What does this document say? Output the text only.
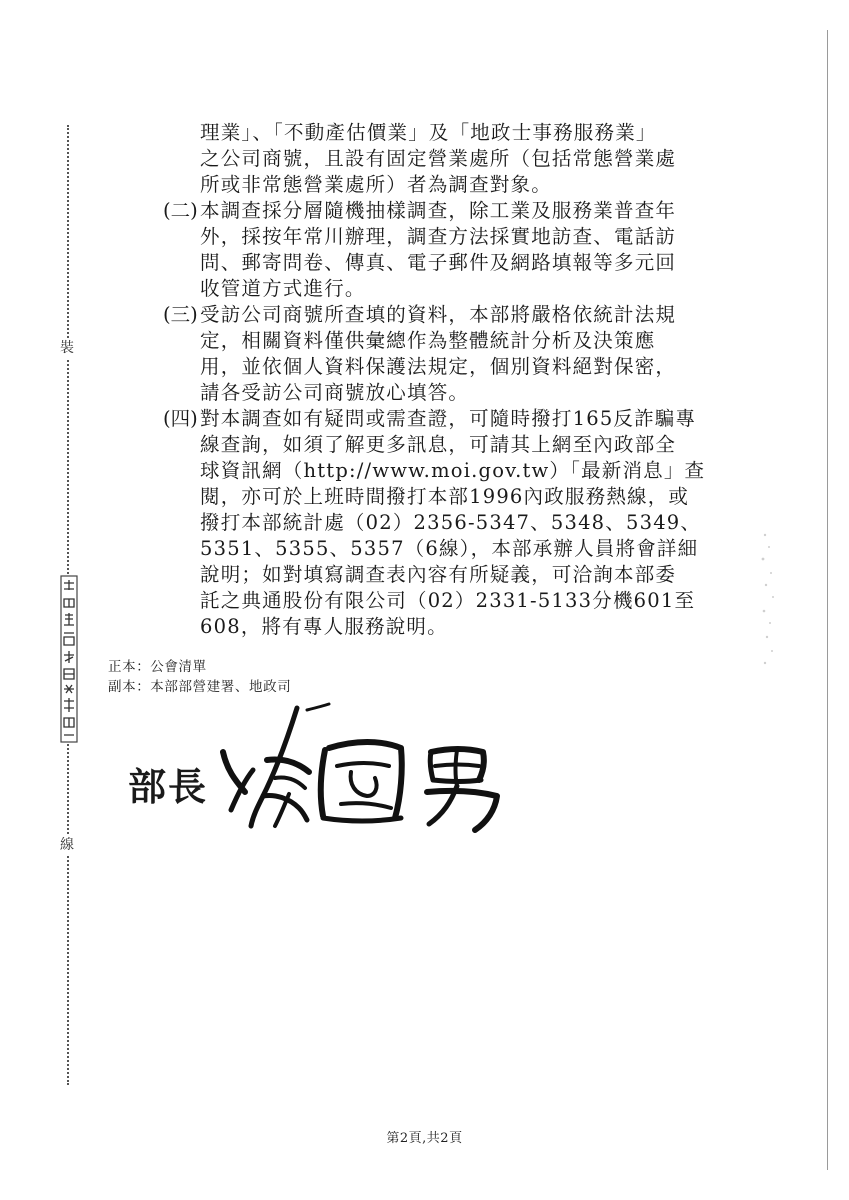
裝
線
理業」、「不動產估價業」及「地政士事務服務業」
之公司商號，且設有固定營業處所（包括常態營業處
所或非常態營業處所）者為調查對象。
(二) 本調查採分層隨機抽樣調查，除工業及服務業普查年
外，採按年常川辦理，調查方法採實地訪查、電話訪
問、郵寄問卷、傳真、電子郵件及網路填報等多元回
收管道方式進行。
(三) 受訪公司商號所查填的資料，本部將嚴格依統計法規
定，相關資料僅供彙總作為整體統計分析及決策應
用，並依個人資料保護法規定，個別資料絕對保密，
請各受訪公司商號放心填答。
(四) 對本調查如有疑問或需查證，可隨時撥打165反詐騙專
線查詢，如須了解更多訊息，可請其上網至內政部全
球資訊網（http://www.moi.gov.tw）「最新消息」查
閱，亦可於上班時間撥打本部1996內政服務熱線，或
撥打本部統計處（02）2356-5347、5348、5349、
5351、5355、5357（6線），本部承辦人員將會詳細
說明；如對填寫調查表內容有所疑義，可洽詢本部委
託之典通股份有限公司（02）2331-5133分機601至
608，將有專人服務說明。
正本：公會清單
副本：本部部營建署、地政司
部長
第2頁,共2頁
